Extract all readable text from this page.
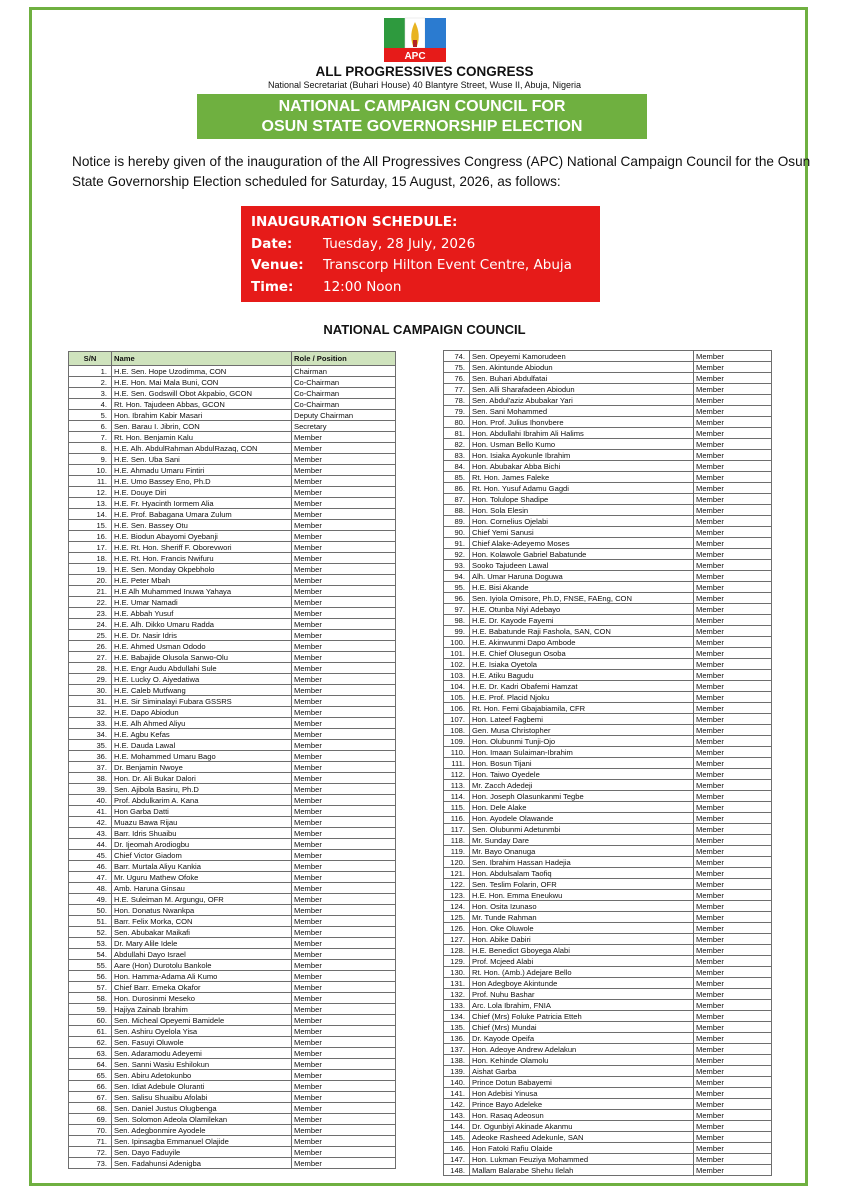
APC
ALL PROGRESSIVES CONGRESS
National Secretariat (Buhari House) 40 Blantyre Street, Wuse II, Abuja, Nigeria
NATIONAL CAMPAIGN COUNCIL FOR
OSUN STATE GOVERNORSHIP ELECTION
Notice is hereby given of the inauguration of the All Progressives Congress (APC) National Campaign Council for the Osun State Governorship Election scheduled for Saturday, 15 August, 2026, as follows:
INAUGURATION SCHEDULE:
Date:	Tuesday, 28 July, 2026
Venue:	Transcorp Hilton Event Centre, Abuja
Time:	12:00 Noon
NATIONAL CAMPAIGN COUNCIL
S/N	Name	Role / Position
1.	H.E. Sen. Hope Uzodimma, CON	Chairman
2.	H.E. Hon. Mai Mala Buni, CON	Co-Chairman
3.	H.E. Sen. Godswill Obot Akpabio, GCON	Co-Chairman
4.	Rt. Hon. Tajudeen Abbas, GCON	Co-Chairman
5.	Hon. Ibrahim Kabir Masari	Deputy Chairman
6.	Sen. Barau I. Jibrin, CON	Secretary
7.	Rt. Hon. Benjamin Kalu	Member
8.	H.E. Alh. AbdulRahman AbdulRazaq, CON	Member
9.	H.E. Sen. Uba Sani	Member
10.	H.E. Ahmadu Umaru Fintiri	Member
11.	H.E. Umo Bassey Eno, Ph.D	Member
12.	H.E. Douye Diri	Member
13.	H.E. Fr. Hyacinth Iormem Alia	Member
14.	H.E. Prof. Babagana Umara Zulum	Member
15.	H.E. Sen. Bassey Otu	Member
16.	H.E. Biodun Abayomi Oyebanji	Member
17.	H.E. Rt. Hon. Sheriff F. Oborevwori	Member
18.	H.E. Rt. Hon. Francis Nwifuru	Member
19.	H.E. Sen. Monday Okpebholo	Member
20.	H.E. Peter Mbah	Member
21.	H.E Alh Muhammed Inuwa Yahaya	Member
22.	H.E. Umar Namadi	Member
23.	H.E. Abbah Yusuf	Member
24.	H.E. Alh. Dikko Umaru Radda	Member
25.	H.E. Dr. Nasir Idris	Member
26.	H.E. Ahmed Usman Ododo	Member
27.	H.E. Babajide Olusola Sanwo-Olu	Member
28.	H.E. Engr Audu Abdullahi Sule	Member
29.	H.E. Lucky O. Aiyedatiwa	Member
30.	H.E. Caleb Mutfwang	Member
31.	H.E. Sir Siminalayi Fubara GSSRS	Member
32.	H.E. Dapo Abiodun	Member
33.	H.E. Alh Ahmed Aliyu	Member
34.	H.E. Agbu Kefas	Member
35.	H.E. Dauda Lawal	Member
36.	H.E. Mohammed Umaru Bago	Member
37.	Dr. Benjamin Nwoye	Member
38.	Hon. Dr. Ali Bukar Dalori	Member
39.	Sen. Ajibola Basiru, Ph.D	Member
40.	Prof. Abdulkarim A. Kana	Member
41.	Hon Garba Datti	Member
42.	Muazu Bawa Rijau	Member
43.	Barr. Idris Shuaibu	Member
44.	Dr. Ijeomah Arodiogbu	Member
45.	Chief Victor Giadom	Member
46.	Barr. Murtala Aliyu Kankia	Member
47.	Mr. Uguru Mathew Ofoke	Member
48.	Amb. Haruna Ginsau	Member
49.	H.E. Suleiman M. Argungu, OFR	Member
50.	Hon. Donatus Nwankpa	Member
51.	Barr. Felix Morka, CON	Member
52.	Sen. Abubakar Maikafi	Member
53.	Dr. Mary Alile Idele	Member
54.	Abdullahi Dayo Israel	Member
55.	Aare (Hon) Durotolu Bankole	Member
56.	Hon. Hamma-Adama Ali Kumo	Member
57.	Chief Barr. Emeka Okafor	Member
58.	Hon. Durosinmi Meseko	Member
59.	Hajiya Zainab Ibrahim	Member
60.	Sen. Micheal Opeyemi Bamidele	Member
61.	Sen. Ashiru Oyelola Yisa	Member
62.	Sen. Fasuyi Oluwole	Member
63.	Sen. Adaramodu Adeyemi	Member
64.	Sen. Sanni Wasiu Eshilokun	Member
65.	Sen. Abiru Adetokunbo	Member
66.	Sen. Idiat Adebule Oluranti	Member
67.	Sen. Salisu Shuaibu Afolabi	Member
68.	Sen. Daniel Justus Olugbenga	Member
69.	Sen. Solomon Adeola Olamilekan	Member
70.	Sen. Adegbonmire Ayodele	Member
71.	Sen. Ipinsagba Emmanuel Olajide	Member
72.	Sen. Dayo Faduyile	Member
73.	Sen. Fadahunsi Adenigba	Member
74.	Sen. Opeyemi Kamorudeen	Member
75.	Sen. Akintunde Abiodun	Member
76.	Sen. Buhari Abdulfatai	Member
77.	Sen. Alli Sharafadeen Abiodun	Member
78.	Sen. Abdul'aziz Abubakar Yari	Member
79.	Sen. Sani Mohammed	Member
80.	Hon. Prof. Julius Ihonvbere	Member
81.	Hon. Abdullahi Ibrahim Ali Halims	Member
82.	Hon. Usman Bello Kumo	Member
83.	Hon. Isiaka Ayokunle Ibrahim	Member
84.	Hon. Abubakar Abba Bichi	Member
85.	Rt. Hon. James Faleke	Member
86.	Rt. Hon. Yusuf Adamu Gagdi	Member
87.	Hon. Tolulope Shadipe	Member
88.	Hon. Sola Elesin	Member
89.	Hon. Cornelius Ojelabi	Member
90.	Chief Yemi Sanusi	Member
91.	Chief Alake-Adeyemo Moses	Member
92.	Hon. Kolawole Gabriel Babatunde	Member
93.	Sooko Tajudeen Lawal	Member
94.	Alh. Umar Haruna Doguwa	Member
95.	H.E. Bisi Akande	Member
96.	Sen. Iyiola Omisore, Ph.D, FNSE, FAEng, CON	Member
97.	H.E. Otunba Niyi Adebayo	Member
98.	H.E. Dr. Kayode Fayemi	Member
99.	H.E. Babatunde Raji Fashola, SAN, CON	Member
100.	H.E. Akinwunmi Dapo Ambode	Member
101.	H.E. Chief Olusegun Osoba	Member
102.	H.E. Isiaka Oyetola	Member
103.	H.E. Atiku Bagudu	Member
104.	H.E. Dr. Kadri Obafemi Hamzat	Member
105.	H.E. Prof. Placid Njoku	Member
106.	Rt. Hon. Femi Gbajabiamila, CFR	Member
107.	Hon. Lateef Fagbemi	Member
108.	Gen. Musa Christopher	Member
109.	Hon. Olubunmi Tunji-Ojo	Member
110.	Hon. Imaan Sulaiman-Ibrahim	Member
111.	Hon. Bosun Tijani	Member
112.	Hon. Taiwo Oyedele	Member
113.	Mr. Zacch Adedeji	Member
114.	Hon. Joseph Olasunkanmi Tegbe	Member
115.	Hon. Dele Alake	Member
116.	Hon. Ayodele Olawande	Member
117.	Sen. Olubunmi Adetunmbi	Member
118.	Mr. Sunday Dare	Member
119.	Mr. Bayo Onanuga	Member
120.	Sen. Ibrahim Hassan Hadejia	Member
121.	Hon. Abdulsalam Taofiq	Member
122.	Sen. Teslim Folarin, OFR	Member
123.	H.E. Hon. Emma Eneukwu	Member
124.	Hon. Osita Izunaso	Member
125.	Mr. Tunde Rahman	Member
126.	Hon. Oke Oluwole	Member
127.	Hon. Abike Dabiri	Member
128.	H.E. Benedict Gboyega Alabi	Member
129.	Prof. Mcjeed Alabi	Member
130.	Rt. Hon. (Amb.) Adejare Bello	Member
131.	Hon Adegboye Akintunde	Member
132.	Prof. Nuhu Bashar	Member
133.	Arc. Lola Ibrahim, FNIA	Member
134.	Chief (Mrs) Foluke Patricia Etteh	Member
135.	Chief (Mrs) Mundai	Member
136.	Dr. Kayode Opeifa	Member
137.	Hon. Adeoye Andrew Adelakun	Member
138.	Hon. Kehinde Olamolu	Member
139.	Aishat Garba	Member
140.	Prince Dotun Babayemi	Member
141.	Hon Adebisi Yinusa	Member
142.	Prince Bayo Adeleke	Member
143.	Hon. Rasaq Adeosun	Member
144.	Dr. Ogunbiyi Akinade Akanmu	Member
145.	Adeoke Rasheed Adekunle, SAN	Member
146.	Hon Fatoki Rafiu Olaide	Member
147.	Hon. Lukman Feuziya Mohammed	Member
148.	Mallam Balarabe Shehu Ilelah	Member
